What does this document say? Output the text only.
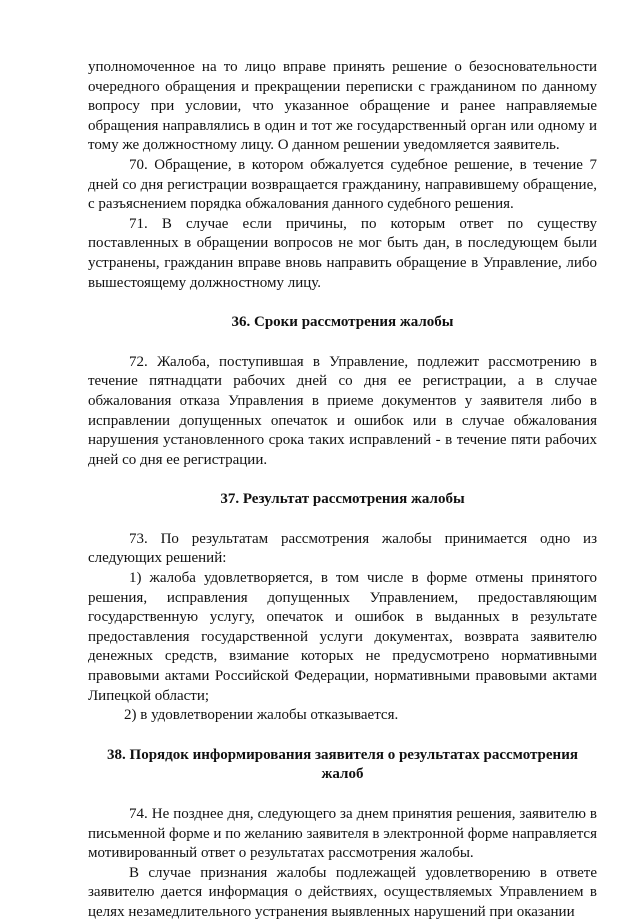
уполномоченное на то лицо вправе принять решение о безосновательности очередного обращения и прекращении переписки с гражданином по данному вопросу при условии, что указанное обращение и ранее направляемые обращения направлялись в один и тот же государственный орган или одному и тому же должностному лицу. О данном решении уведомляется заявитель.

70. Обращение, в котором обжалуется судебное решение, в течение 7 дней со дня регистрации возвращается гражданину, направившему обращение, с разъяснением порядка обжалования данного судебного решения.

71. В случае если причины, по которым ответ по существу поставленных в обращении вопросов не мог быть дан, в последующем были устранены, гражданин вправе вновь направить обращение в Управление, либо вышестоящему должностному лицу.

36. Сроки рассмотрения жалобы

72. Жалоба, поступившая в Управление, подлежит рассмотрению в течение пятнадцати рабочих дней со дня ее регистрации, а в случае обжалования отказа Управления в приеме документов у заявителя либо в исправлении допущенных опечаток и ошибок или в случае обжалования нарушения установленного срока таких исправлений - в течение пяти рабочих дней со дня ее регистрации.

37. Результат рассмотрения жалобы

73. По результатам рассмотрения жалобы принимается одно из следующих решений:

1) жалоба удовлетворяется, в том числе в форме отмены принятого решения, исправления допущенных Управлением, предоставляющим государственную услугу, опечаток и ошибок в выданных в результате предоставления государственной услуги документах, возврата заявителю денежных средств, взимание которых не предусмотрено нормативными правовыми актами Российской Федерации, нормативными правовыми актами Липецкой области;

2) в удовлетворении жалобы отказывается.

38. Порядок информирования заявителя о результатах рассмотрения жалоб

74. Не позднее дня, следующего за днем принятия решения, заявителю в письменной форме и по желанию заявителя в электронной форме направляется мотивированный ответ о результатах рассмотрения жалобы.

В случае признания жалобы подлежащей удовлетворению в ответе заявителю дается информация о действиях, осуществляемых Управлением в целях незамедлительного устранения выявленных нарушений при оказании
